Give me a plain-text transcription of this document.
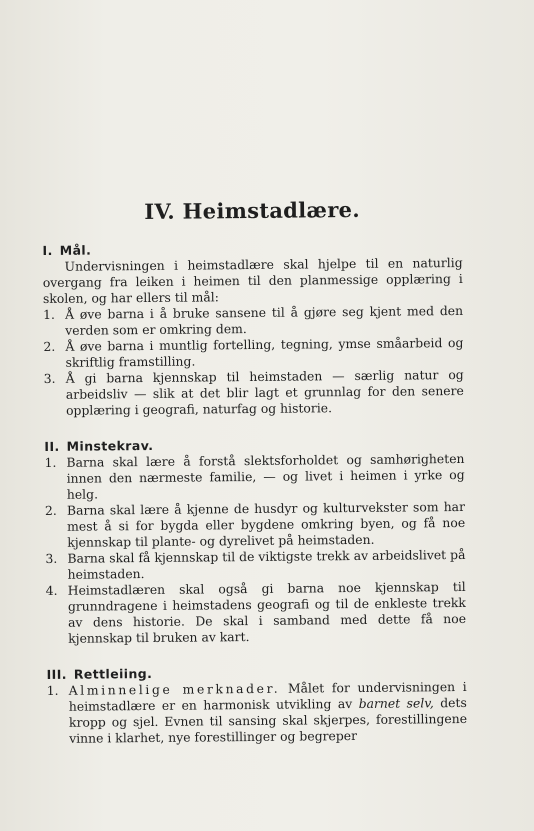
IV. Heimstadlære.
I. Mål.

Undervisningen i heimstadlære skal hjelpe til en naturlig overgang fra leiken i heimen til den planmessige opplæring i skolen, og har ellers til mål:

1. Å øve barna i å bruke sansene til å gjøre seg kjent med den verden som er omkring dem.
2. Å øve barna i muntlig fortelling, tegning, ymse småarbeid og skriftlig framstilling.
3. Å gi barna kjennskap til heimstaden — særlig natur og arbeidsliv — slik at det blir lagt et grunnlag for den senere opplæring i geografi, naturfag og historie.
II. Minstekrav.
1. Barna skal lære å forstå slektsforholdet og samhørigheten innen den nærmeste familie, — og livet i heimen i yrke og helg.
2. Barna skal lære å kjenne de husdyr og kulturvekster som har mest å si for bygda eller bygdene omkring byen, og få noe kjennskap til plante- og dyrelivet på heimstaden.
3. Barna skal få kjennskap til de viktigste trekk av arbeidslivet på heimstaden.
4. Heimstadlæren skal også gi barna noe kjennskap til grunndragene i heimstadens geografi og til de enkleste trekk av dens historie. De skal i samband med dette få noe kjennskap til bruken av kart.
III. Rettleiing.
1. Alminnelige merknader. Målet for undervisningen i heimstadlære er en harmonisk utvikling av barnet selv, dets kropp og sjel. Evnen til sansing skal skjerpes, forestillingene vinne i klarhet, nye forestillinger og begreper
